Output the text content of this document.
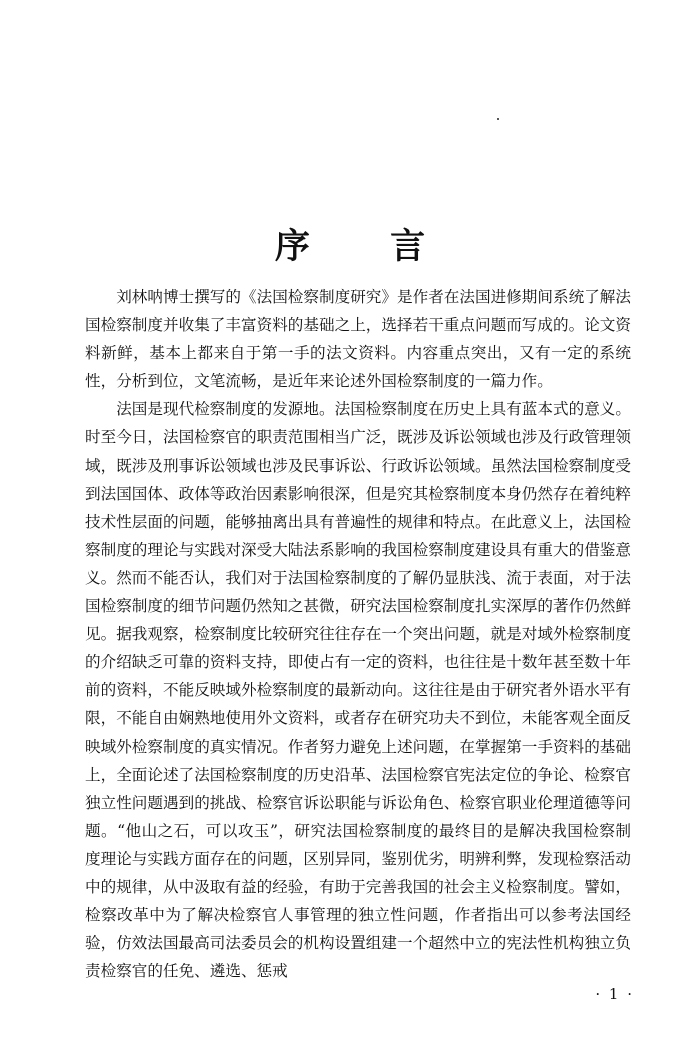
序 言

刘林呐博士撰写的《法国检察制度研究》是作者在法国进修期间系统了解法国检察制度并收集了丰富资料的基础之上，选择若干重点问题而写成的。论文资料新鲜，基本上都来自于第一手的法文资料。内容重点突出，又有一定的系统性，分析到位，文笔流畅，是近年来论述外国检察制度的一篇力作。

法国是现代检察制度的发源地。法国检察制度在历史上具有蓝本式的意义。时至今日，法国检察官的职责范围相当广泛，既涉及诉讼领域也涉及行政管理领域，既涉及刑事诉讼领域也涉及民事诉讼、行政诉讼领域。虽然法国检察制度受到法国国体、政体等政治因素影响很深，但是究其检察制度本身仍然存在着纯粹技术性层面的问题，能够抽离出具有普遍性的规律和特点。在此意义上，法国检察制度的理论与实践对深受大陆法系影响的我国检察制度建设具有重大的借鉴意义。然而不能否认，我们对于法国检察制度的了解仍显肤浅、流于表面，对于法国检察制度的细节问题仍然知之甚微，研究法国检察制度扎实深厚的著作仍然鲜见。据我观察，检察制度比较研究往往存在一个突出问题，就是对域外检察制度的介绍缺乏可靠的资料支持，即使占有一定的资料，也往往是十数年甚至数十年前的资料，不能反映域外检察制度的最新动向。这往往是由于研究者外语水平有限，不能自由娴熟地使用外文资料，或者存在研究功夫不到位，未能客观全面反映域外检察制度的真实情况。作者努力避免上述问题，在掌握第一手资料的基础上，全面论述了法国检察制度的历史沿革、法国检察官宪法定位的争论、检察官独立性问题遇到的挑战、检察官诉讼职能与诉讼角色、检察官职业伦理道德等问题。“他山之石，可以攻玉”，研究法国检察制度的最终目的是解决我国检察制度理论与实践方面存在的问题，区别异同，鉴别优劣，明辨利弊，发现检察活动中的规律，从中汲取有益的经验，有助于完善我国的社会主义检察制度。譬如，检察改革中为了解决检察官人事管理的独立性问题，作者指出可以参考法国经验，仿效法国最高司法委员会的机构设置组建一个超然中立的宪法性机构独立负责检察官的任免、遴选、惩戒

· 1 ·
